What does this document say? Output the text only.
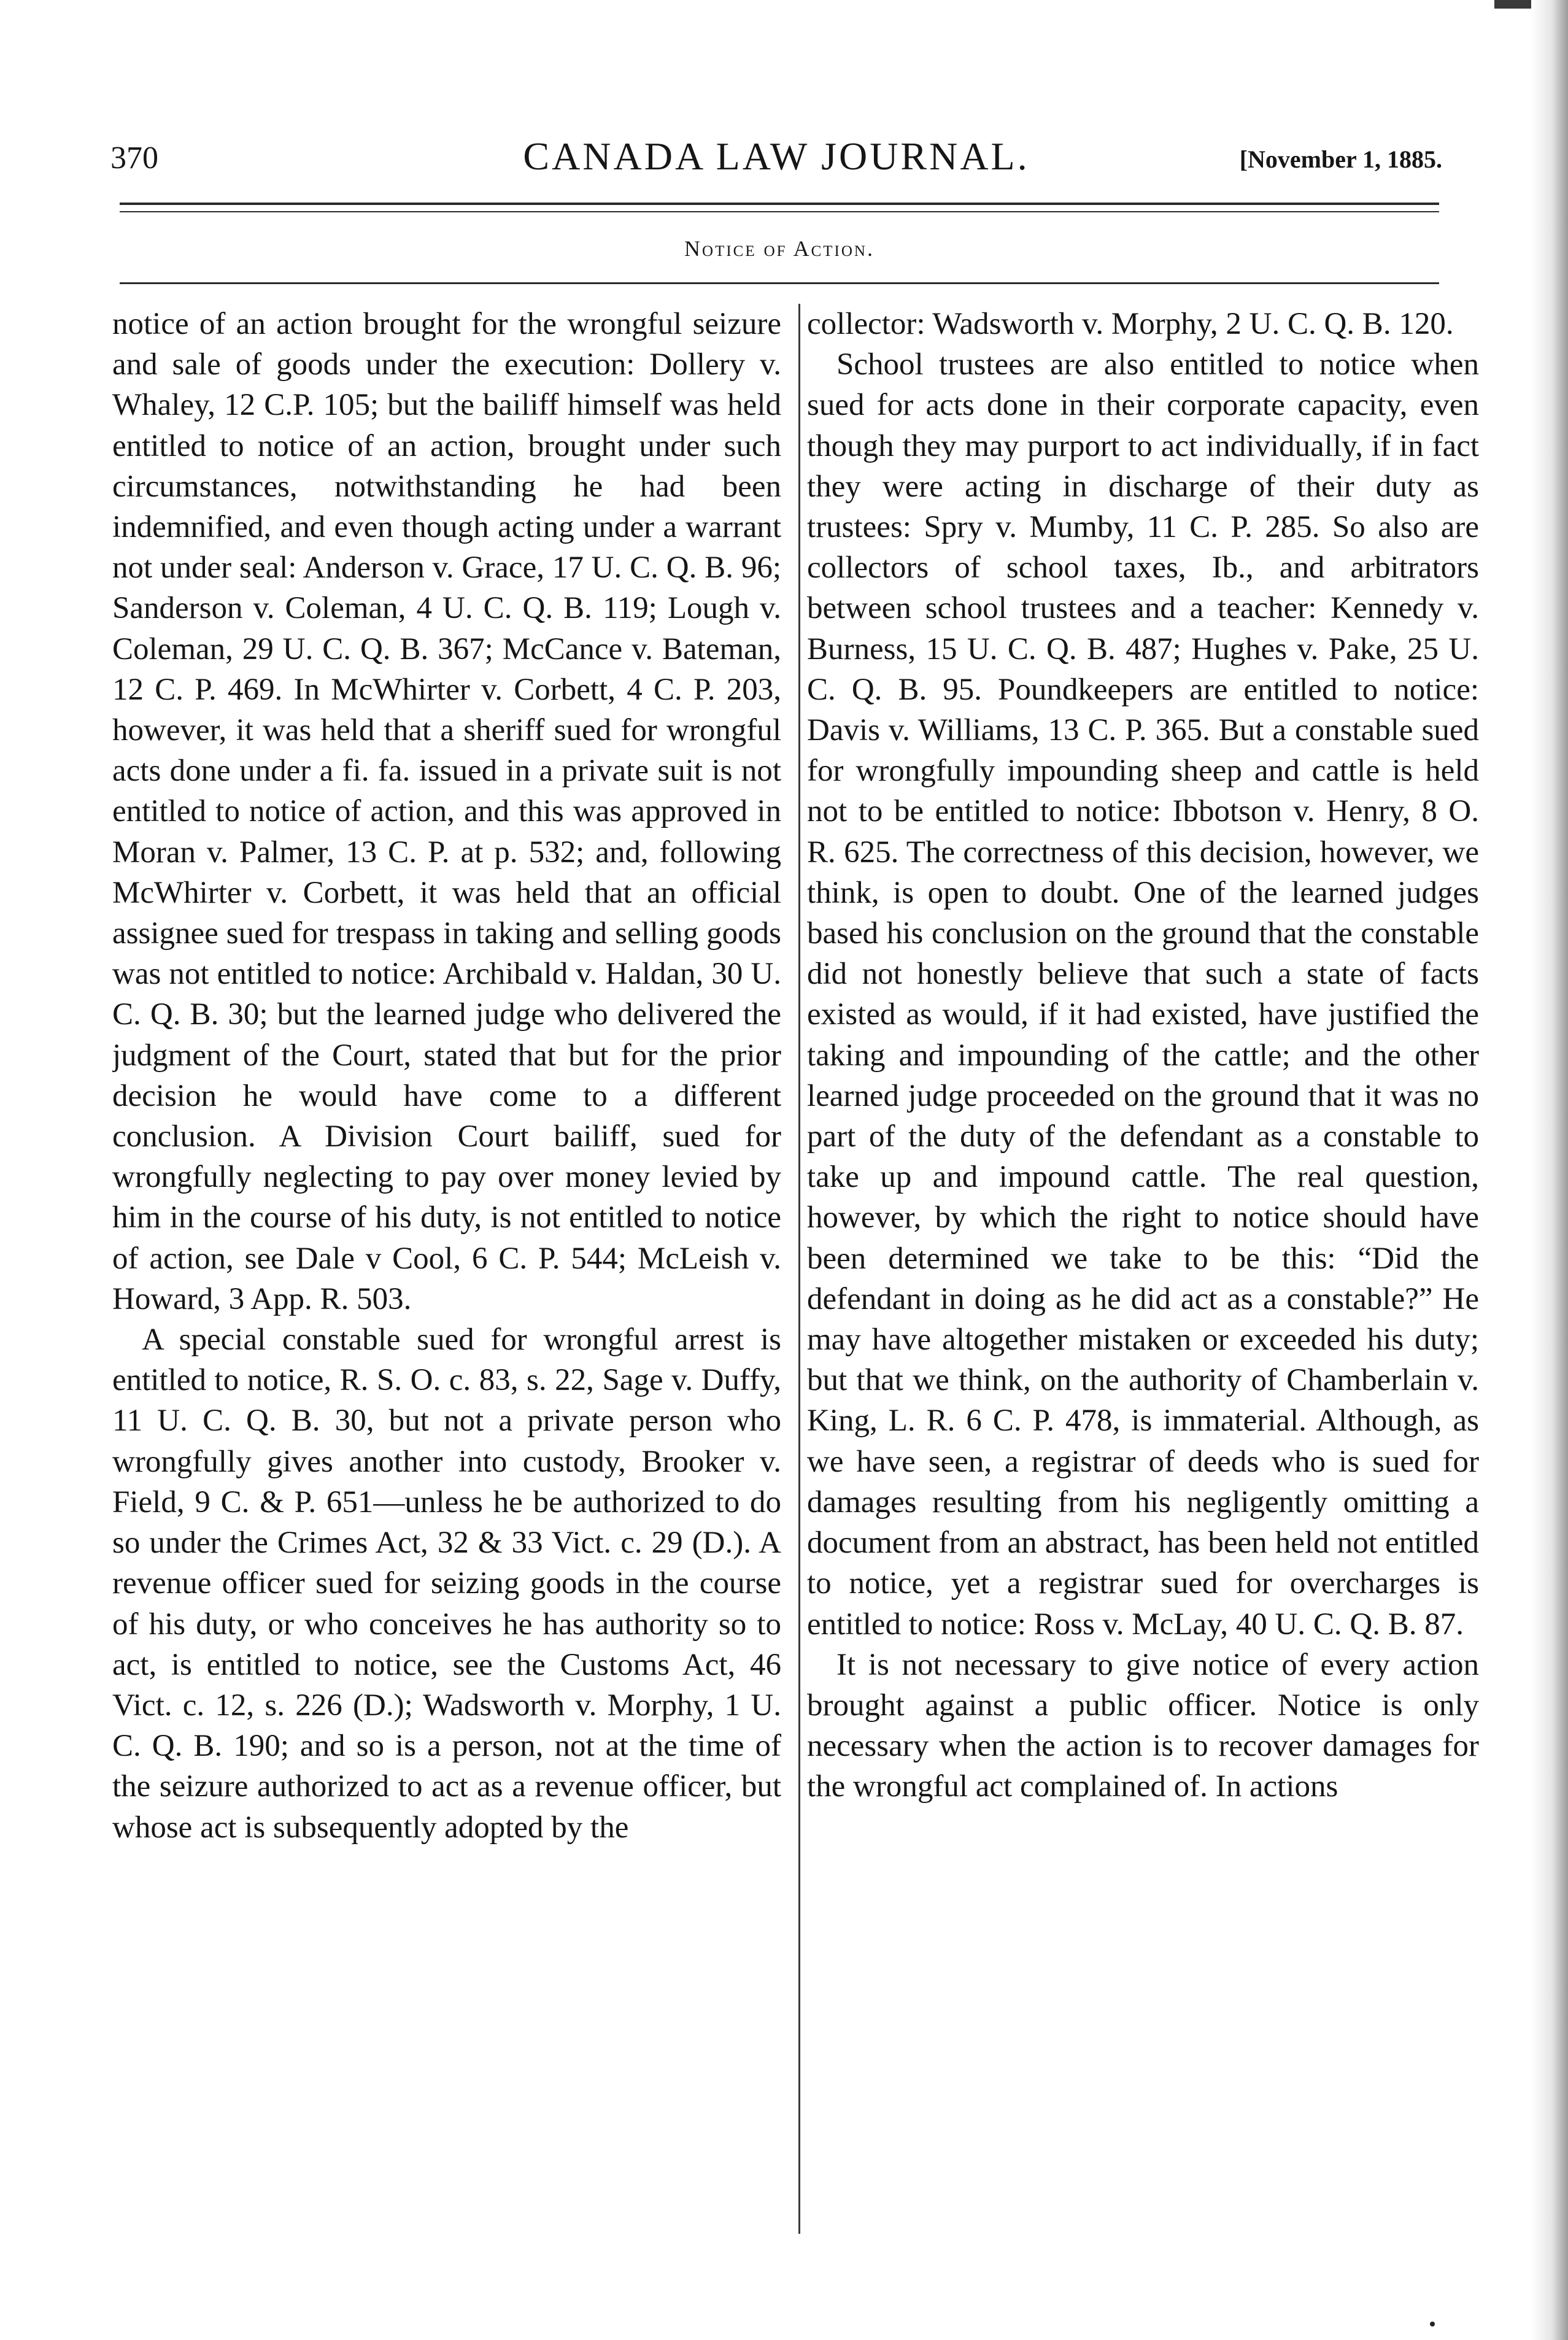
370	CANADA LAW JOURNAL.	[November 1, 1885.
Notice of Action.

notice of an action brought for the wrongful seizure and sale of goods under the execution: Dollery v. Whaley, 12 C.P. 105; but the bailiff himself was held entitled to notice of an action, brought under such circumstances, notwithstanding he had been indemnified, and even though acting under a warrant not under seal: Anderson v. Grace, 17 U. C. Q. B. 96; Sanderson v. Coleman, 4 U. C. Q. B. 119; Lough v. Coleman, 29 U. C. Q. B. 367; McCance v. Bateman, 12 C. P. 469. In McWhirter v. Corbett, 4 C. P. 203, however, it was held that a sheriff sued for wrongful acts done under a fi. fa. issued in a private suit is not entitled to notice of action, and this was approved in Moran v. Palmer, 13 C. P. at p. 532; and, following McWhirter v. Corbett, it was held that an official assignee sued for trespass in taking and selling goods was not entitled to notice: Archibald v. Haldan, 30 U. C. Q. B. 30; but the learned judge who delivered the judgment of the Court, stated that but for the prior decision he would have come to a different conclusion. A Division Court bailiff, sued for wrongfully neglecting to pay over money levied by him in the course of his duty, is not entitled to notice of action, see Dale v Cool, 6 C. P. 544; McLeish v. Howard, 3 App. R. 503.

A special constable sued for wrongful arrest is entitled to notice, R. S. O. c. 83, s. 22, Sage v. Duffy, 11 U. C. Q. B. 30, but not a private person who wrongfully gives another into custody, Brooker v. Field, 9 C. & P. 651—unless he be authorized to do so under the Crimes Act, 32 & 33 Vict. c. 29 (D.). A revenue officer sued for seizing goods in the course of his duty, or who conceives he has authority so to act, is entitled to notice, see the Customs Act, 46 Vict. c. 12, s. 226 (D.); Wadsworth v. Morphy, 1 U. C. Q. B. 190; and so is a person, not at the time of the seizure authorized to act as a revenue officer, but whose act is subsequently adopted by the

collector: Wadsworth v. Morphy, 2 U. C. Q. B. 120.

School trustees are also entitled to notice when sued for acts done in their corporate capacity, even though they may purport to act individually, if in fact they were acting in discharge of their duty as trustees: Spry v. Mumby, 11 C. P. 285. So also are collectors of school taxes, Ib., and arbitrators between school trustees and a teacher: Kennedy v. Burness, 15 U. C. Q. B. 487; Hughes v. Pake, 25 U. C. Q. B. 95. Poundkeepers are entitled to notice: Davis v. Williams, 13 C. P. 365. But a constable sued for wrongfully impounding sheep and cattle is held not to be entitled to notice: Ibbotson v. Henry, 8 O. R. 625. The correctness of this decision, however, we think, is open to doubt. One of the learned judges based his conclusion on the ground that the constable did not honestly believe that such a state of facts existed as would, if it had existed, have justified the taking and impounding of the cattle; and the other learned judge proceeded on the ground that it was no part of the duty of the defendant as a constable to take up and impound cattle. The real question, however, by which the right to notice should have been determined we take to be this: “Did the defendant in doing as he did act as a constable?” He may have altogether mistaken or exceeded his duty; but that we think, on the authority of Chamberlain v. King, L. R. 6 C. P. 478, is immaterial. Although, as we have seen, a registrar of deeds who is sued for damages resulting from his negligently omitting a document from an abstract, has been held not entitled to notice, yet a registrar sued for overcharges is entitled to notice: Ross v. McLay, 40 U. C. Q. B. 87.

It is not necessary to give notice of every action brought against a public officer. Notice is only necessary when the action is to recover damages for the wrongful act complained of. In actions
